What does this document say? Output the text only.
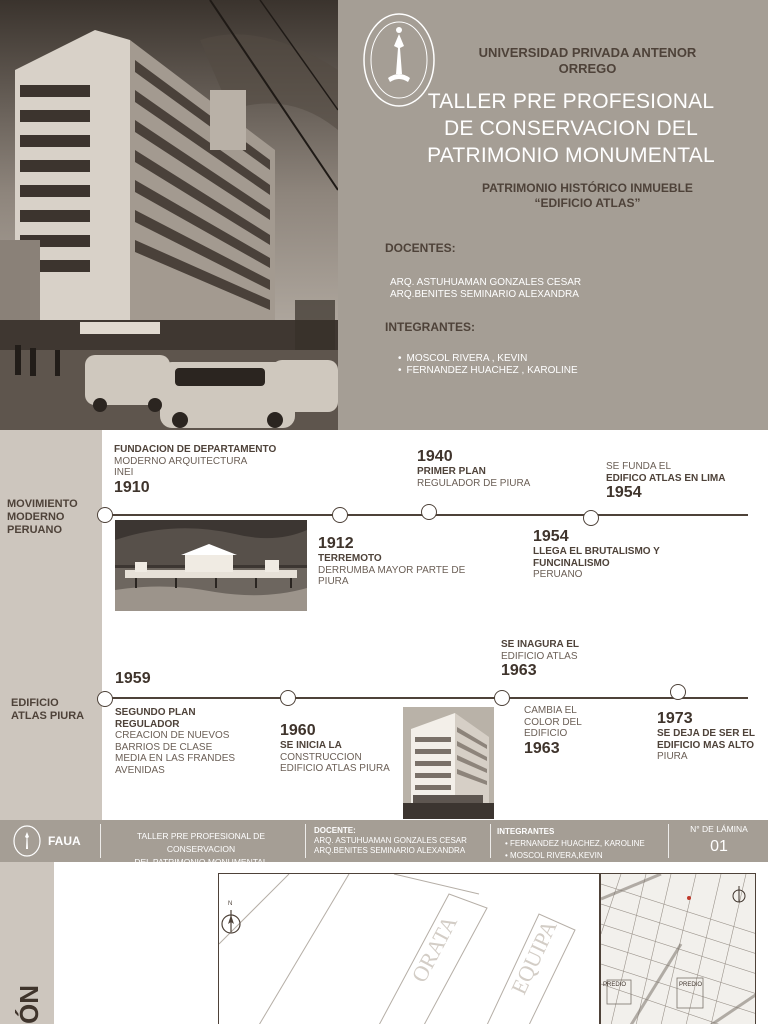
UNIVERSIDAD PRIVADA ANTENOR ORREGO
TALLER PRE PROFESIONAL DE CONSERVACION DEL PATRIMONIO MONUMENTAL
PATRIMONIO HISTÓRICO INMUEBLE
“EDIFICIO ATLAS”
DOCENTES:
ARQ. ASTUHUAMAN GONZALES CESAR
ARQ.BENITES SEMINARIO ALEXANDRA
INTEGRANTES:
• MOSCOL RIVERA , KEVIN
• FERNANDEZ HUACHEZ , KAROLINE
MOVIMIENTO
MODERNO
PERUANO
EDIFICIO
ATLAS PIURA
FUNDACION DE DEPARTAMENTO
MODERNO ARQUITECTURA
INEI
1910
1940
PRIMER PLAN
REGULADOR DE PIURA
SE FUNDA EL
EDIFICO ATLAS EN LIMA
1954
1912
TERREMOTO
DERRUMBA MAYOR PARTE DE
PIURA
1954
LLEGA EL BRUTALISMO Y
FUNCINALISMO
PERUANO
SE INAGURA EL
EDIFICIO ATLAS
1963
1959
SEGUNDO PLAN
REGULADOR
CREACION DE NUEVOS
BARRIOS DE CLASE
MEDIA EN LAS FRANDES
AVENIDAS
1960
SE INICIA LA
CONSTRUCCION
EDIFICIO ATLAS PIURA
CAMBIA EL
COLOR DEL
EDIFICIO
1963
1973
SE DEJA DE SER EL
EDIFICIO MAS ALTO
PIURA
FAUA	TALLER PRE PROFESIONAL DE CONSERVACION
DOCENTE:
ARQ. ASTUHUAMAN GONZALES CESAR
ARQ.BENITES SEMINARIO ALEXANDRA
INTEGRANTES
• FERNANDEZ HUACHEZ, KAROLINE
• MOSCOL RIVERA,KEVIN
N° DE LÁMINA
01
ÓN
ORATA EQUIPA
N
PREDIO	PREDIO
